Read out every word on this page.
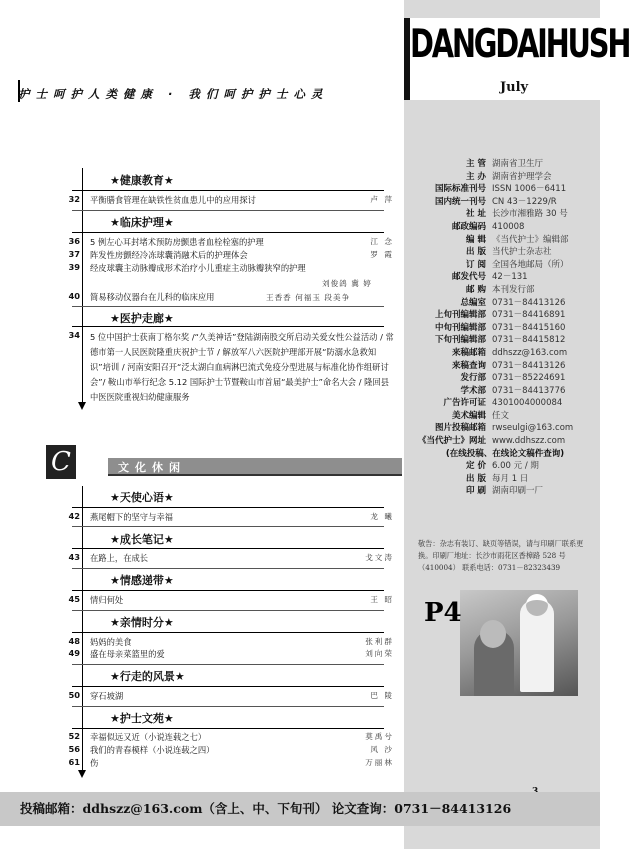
DANGDAIHUSH
July
主 管 湖南省卫生厅
主 办 湖南省护理学会
国际标准刊号 ISSN 1006－6411
国内统一刊号 CN 43－1229/R
社 址 长沙市湘雅路 30 号
邮政编码 410008
编 辑 《当代护士》编辑部
出 版 当代护士杂志社
订 阅 全国各地邮局（所）
邮发代号 42－131
邮 购 本刊发行部
总编室 0731－84413126
上旬刊编辑部 0731－84416891
中旬刊编辑部 0731－84415160
下旬刊编辑部 0731－84415812
来稿邮箱 ddhszz@163.com
来稿查询 0731－84413126
发行部 0731－85224691
学术部 0731－84413776
广告许可证 4301004000084
美术编辑 任文
图片投稿邮箱 rwseulgi@163.com
《当代护士》网址 www.ddhszz.com
(在线投稿、在线论文稿件查询)
定 价 6.00 元 / 期
出 版 每月 1 日
印 刷 湖南印刷一厂
敬告：杂志有装订、缺页等错误，请与印刷厂联系更换。印刷厂地址：长沙市雨花区香樟路 528 号 （410004） 联系电话：0731－82323439
P4
护士呵护人类健康 · 我们呵护护士心灵
★健康教育★
32 平衡膳食管理在缺铁性贫血患儿中的应用探讨	卢 萍
★临床护理★
36 5 例左心耳封堵术预防房颤患者血栓栓塞的护理	江 念
37 阵发性房颤经冷冻球囊消融术后的护理体会	罗 霞
39 经皮球囊主动脉瓣成形术治疗小儿重症主动脉瓣狭窄的护理
刘俊鸽 冀 婷
40 简易移动仪器台在儿科的临床应用	王香香 何福玉 段美争
★医护走廊★
34 5 位中国护士获南丁格尔奖 /“久美神话”登陆湖南股交所启动关爱女性公益活动 / 常德市第一人民医院隆重庆祝护士节 / 解放军八六医院护理部开展“防溺水急救知识”培训 / 河南安阳召开“泛太湖白血病淋巴流式免疫分型进展与标准化协作组研讨会”/ 鞍山市举行纪念 5.12 国际护士节暨鞍山市首届“最美护士”命名大会 / 隆回县中医医院重视妇幼健康服务
C	文化休闲
★天使心语★
42 燕尾帽下的坚守与幸福	龙 曦
★成长笔记★
43 在路上，在成长	戈文涛
★情感递带★
45 情归何处	王 昭
★亲情时分★
48 妈妈的美食	张利群
49 盛在母亲菜篮里的爱	刘向荣
★行走的风景★
50 穿石坡湖	巴 陵
★护士文苑★
52 幸福似远又近（小说连载之七）	莫禹兮
56 我们的青春模样（小说连载之四）	风 沙
61 伤	万丽林
投稿邮箱：ddhszz@163.com（含上、中、下旬刊） 论文查询：0731－84413126
